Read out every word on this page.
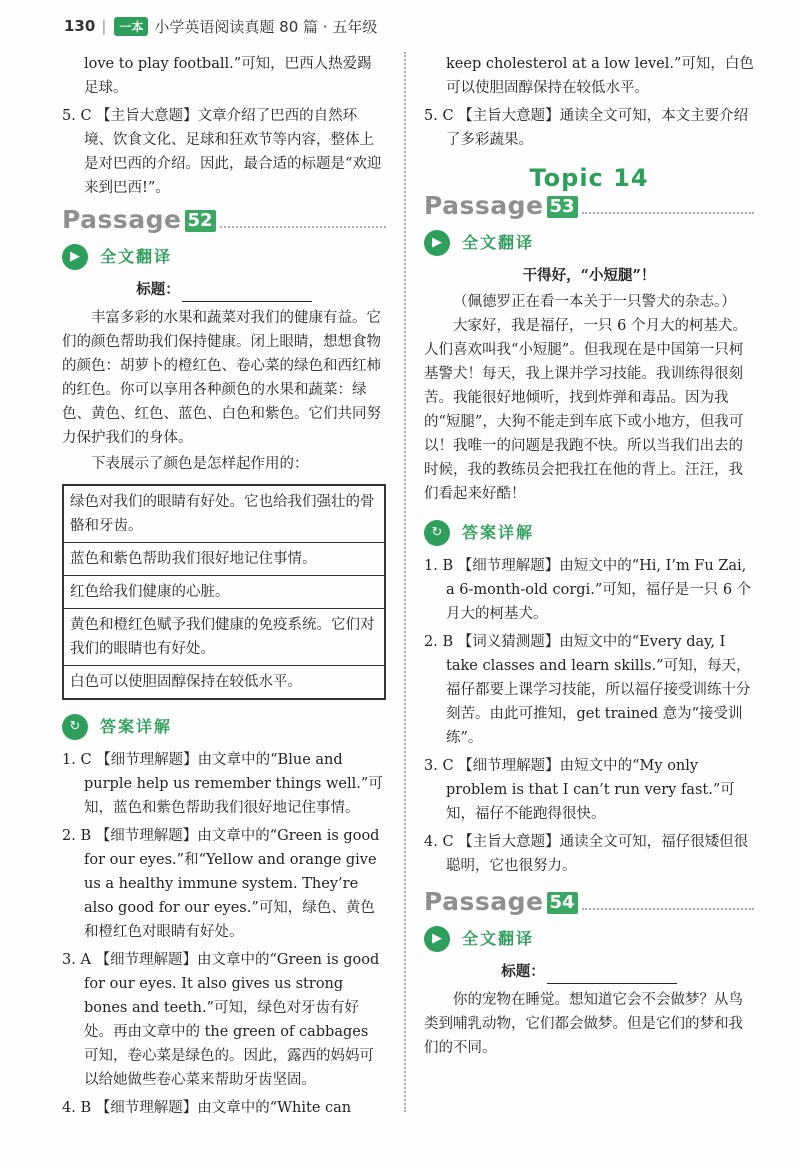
130 |	一本 小学英语阅读真题 80 篇 · 五年级

love to play football.”可知，巴西人热爱踢足球。

5. C 【主旨大意题】文章介绍了巴西的自然环境、饮食文化、足球和狂欢节等内容，整体上是对巴西的介绍。因此，最合适的标题是“欢迎来到巴西!”。

Passage 52
▶	全文翻译
标题：

丰富多彩的水果和蔬菜对我们的健康有益。它们的颜色帮助我们保持健康。闭上眼睛，想想食物的颜色：胡萝卜的橙红色、卷心菜的绿色和西红柿的红色。你可以享用各种颜色的水果和蔬菜：绿色、黄色、红色、蓝色、白色和紫色。它们共同努力保护我们的身体。

下表展示了颜色是怎样起作用的：

绿色对我们的眼睛有好处。它也给我们强壮的骨骼和牙齿。
蓝色和紫色帮助我们很好地记住事情。
红色给我们健康的心脏。
黄色和橙红色赋予我们健康的免疫系统。它们对我们的眼睛也有好处。
白色可以使胆固醇保持在较低水平。
↻	答案详解

1. C 【细节理解题】由文章中的“Blue and purple help us remember things well.”可知，蓝色和紫色帮助我们很好地记住事情。

2. B 【细节理解题】由文章中的“Green is good for our eyes.”和“Yellow and orange give us a healthy immune system. They’re also good for our eyes.”可知，绿色、黄色和橙红色对眼睛有好处。

3. A 【细节理解题】由文章中的“Green is good for our eyes. It also gives us strong bones and teeth.”可知，绿色对牙齿有好处。再由文章中的 the green of cabbages 可知，卷心菜是绿色的。因此，露西的妈妈可以给她做些卷心菜来帮助牙齿坚固。

4. B 【细节理解题】由文章中的“White can

keep cholesterol at a low level.”可知，白色可以使胆固醇保持在较低水平。

5. C 【主旨大意题】通读全文可知，本文主要介绍了多彩蔬果。

Topic 14
Passage 53
▶	全文翻译

干得好，“小短腿”！

（佩德罗正在看一本关于一只警犬的杂志。）

大家好，我是福仔，一只 6 个月大的柯基犬。人们喜欢叫我“小短腿”。但我现在是中国第一只柯基警犬！每天，我上课并学习技能。我训练得很刻苦。我能很好地倾听，找到炸弹和毒品。因为我的“短腿”，大狗不能走到车底下或小地方，但我可以！我唯一的问题是我跑不快。所以当我们出去的时候，我的教练员会把我扛在他的背上。汪汪，我们看起来好酷！

↻	答案详解

1. B 【细节理解题】由短文中的“Hi, I’m Fu Zai, a 6-month-old corgi.”可知，福仔是一只 6 个月大的柯基犬。

2. B 【词义猜测题】由短文中的“Every day, I take classes and learn skills.”可知，每天，福仔都要上课学习技能，所以福仔接受训练十分刻苦。由此可推知，get trained 意为“接受训练”。

3. C 【细节理解题】由短文中的“My only problem is that I can’t run very fast.”可知，福仔不能跑得很快。

4. C 【主旨大意题】通读全文可知，福仔很矮但很聪明，它也很努力。

Passage 54
▶	全文翻译
标题：

你的宠物在睡觉。想知道它会不会做梦？从鸟类到哺乳动物，它们都会做梦。但是它们的梦和我们的不同。
